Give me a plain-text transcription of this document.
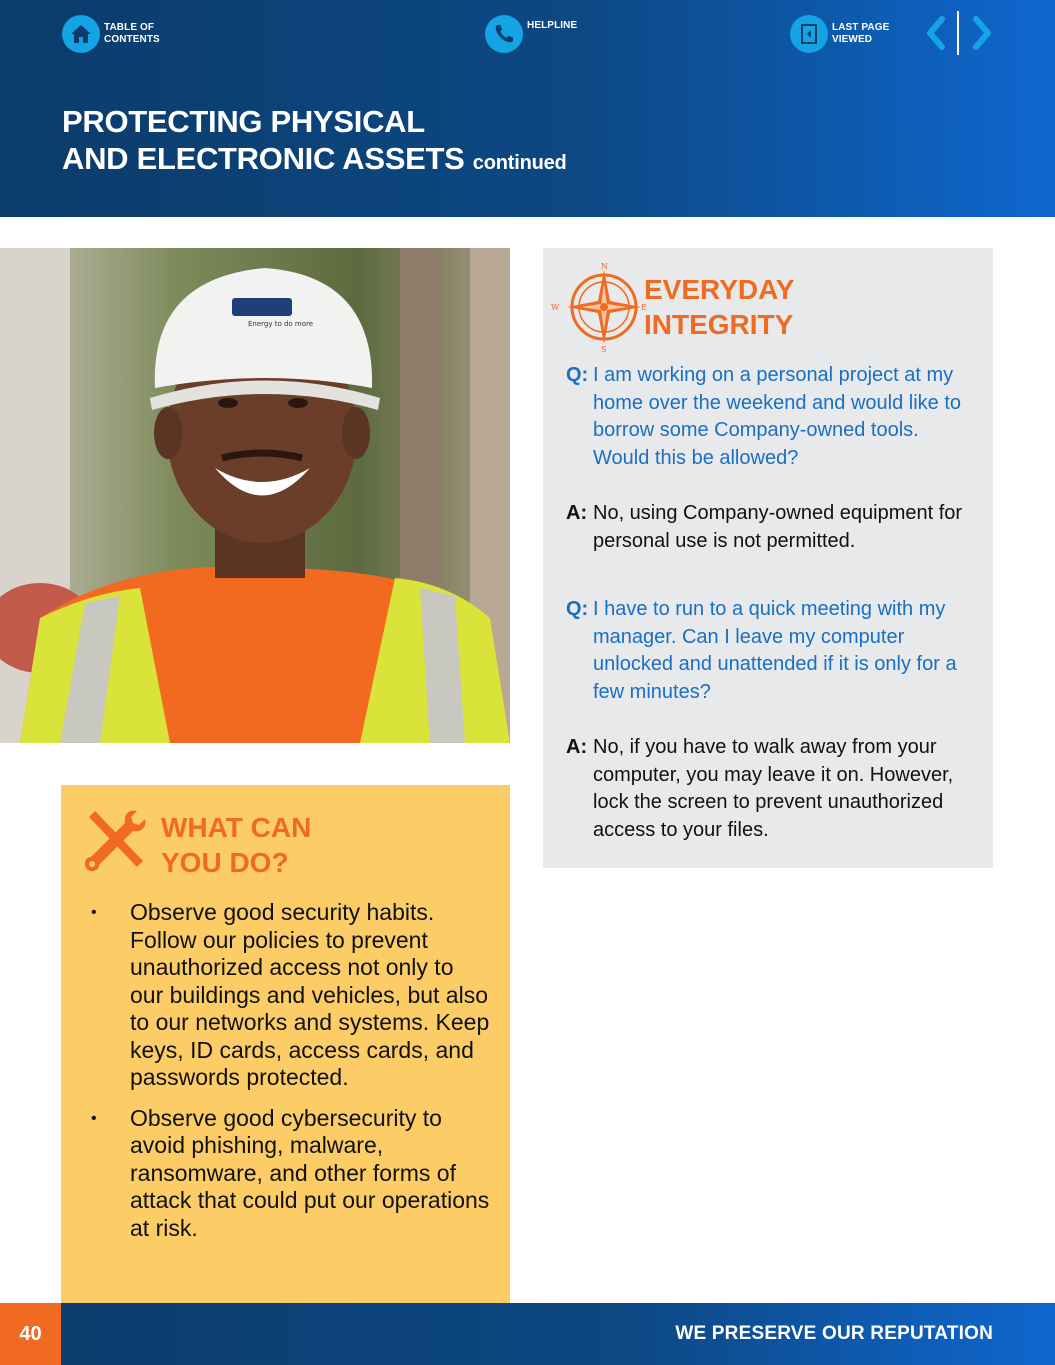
TABLE OF
CONTENTS
HELPLINE	LAST PAGE
VIEWED
PROTECTING PHYSICAL
AND ELECTRONIC ASSETS continued
Energy to do more
N
S
E
W
EVERYDAY
INTEGRITY
Q: I am working on a personal project at my home over the weekend and would like to borrow some Company-owned tools. Would this be allowed?
A: No, using Company-owned equipment for personal use is not permitted.
Q: I have to run to a quick meeting with my manager. Can I leave my computer unlocked and unattended if it is only for a few minutes?
A: No, if you have to walk away from your computer, you may leave it on. However, lock the screen to prevent unauthorized access to your files.
WHAT CAN
YOU DO?
• Observe good security habits. Follow our policies to prevent unauthorized access not only to our buildings and vehicles, but also to our networks and systems. Keep keys, ID cards, access cards, and passwords protected.
• Observe good cybersecurity to avoid phishing, malware, ransomware, and other forms of attack that could put our operations at risk.
40	WE PRESERVE OUR REPUTATION
